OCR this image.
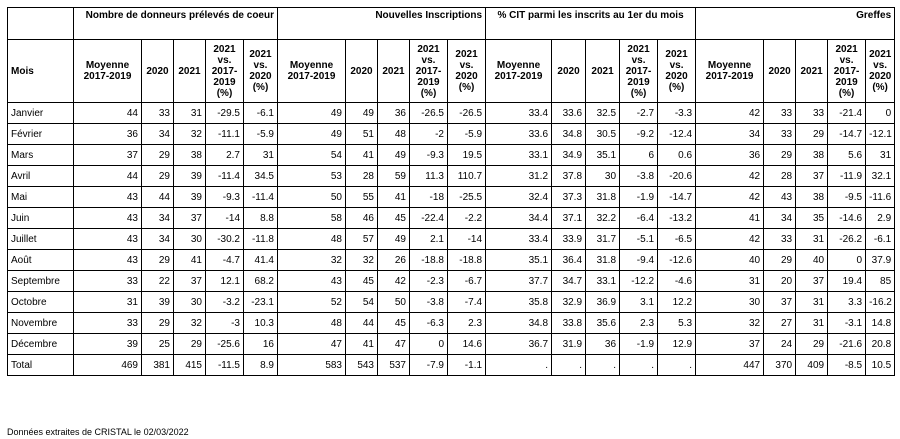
	Nombre de donneurs prélevés de coeur					Nouvelles Inscriptions					% CIT parmi les inscrits au 1er du mois					Greffes				
Mois	Moyenne 2017-2019	2020	2021	2021 vs. 2017-2019 (%)	2021 vs. 2020 (%)	Moyenne 2017-2019	2020	2021	2021 vs. 2017-2019 (%)	2021 vs. 2020 (%)	Moyenne 2017-2019	2020	2021	2021 vs. 2017-2019 (%)	2021 vs. 2020 (%)	Moyenne 2017-2019	2020	2021	2021 vs. 2017-2019 (%)	2021 vs. 2020 (%)
Janvier	44	33	31	-29.5	-6.1	49	49	36	-26.5	-26.5	33.4	33.6	32.5	-2.7	-3.3	42	33	33	-21.4	0
Février	36	34	32	-11.1	-5.9	49	51	48	-2	-5.9	33.6	34.8	30.5	-9.2	-12.4	34	33	29	-14.7	-12.1
Mars	37	29	38	2.7	31	54	41	49	-9.3	19.5	33.1	34.9	35.1	6	0.6	36	29	38	5.6	31
Avril	44	29	39	-11.4	34.5	53	28	59	11.3	110.7	31.2	37.8	30	-3.8	-20.6	42	28	37	-11.9	32.1
Mai	43	44	39	-9.3	-11.4	50	55	41	-18	-25.5	32.4	37.3	31.8	-1.9	-14.7	42	43	38	-9.5	-11.6
Juin	43	34	37	-14	8.8	58	46	45	-22.4	-2.2	34.4	37.1	32.2	-6.4	-13.2	41	34	35	-14.6	2.9
Juillet	43	34	30	-30.2	-11.8	48	57	49	2.1	-14	33.4	33.9	31.7	-5.1	-6.5	42	33	31	-26.2	-6.1
Août	43	29	41	-4.7	41.4	32	32	26	-18.8	-18.8	35.1	36.4	31.8	-9.4	-12.6	40	29	40	0	37.9
Septembre	33	22	37	12.1	68.2	43	45	42	-2.3	-6.7	37.7	34.7	33.1	-12.2	-4.6	31	20	37	19.4	85
Octobre	31	39	30	-3.2	-23.1	52	54	50	-3.8	-7.4	35.8	32.9	36.9	3.1	12.2	30	37	31	3.3	-16.2
Novembre	33	29	32	-3	10.3	48	44	45	-6.3	2.3	34.8	33.8	35.6	2.3	5.3	32	27	31	-3.1	14.8
Décembre	39	25	29	-25.6	16	47	41	47	0	14.6	36.7	31.9	36	-1.9	12.9	37	24	29	-21.6	20.8
Total	469	381	415	-11.5	8.9	583	543	537	-7.9	-1.1	.	.	.	.	.	447	370	409	-8.5	10.5
Données extraites de CRISTAL le 02/03/2022
